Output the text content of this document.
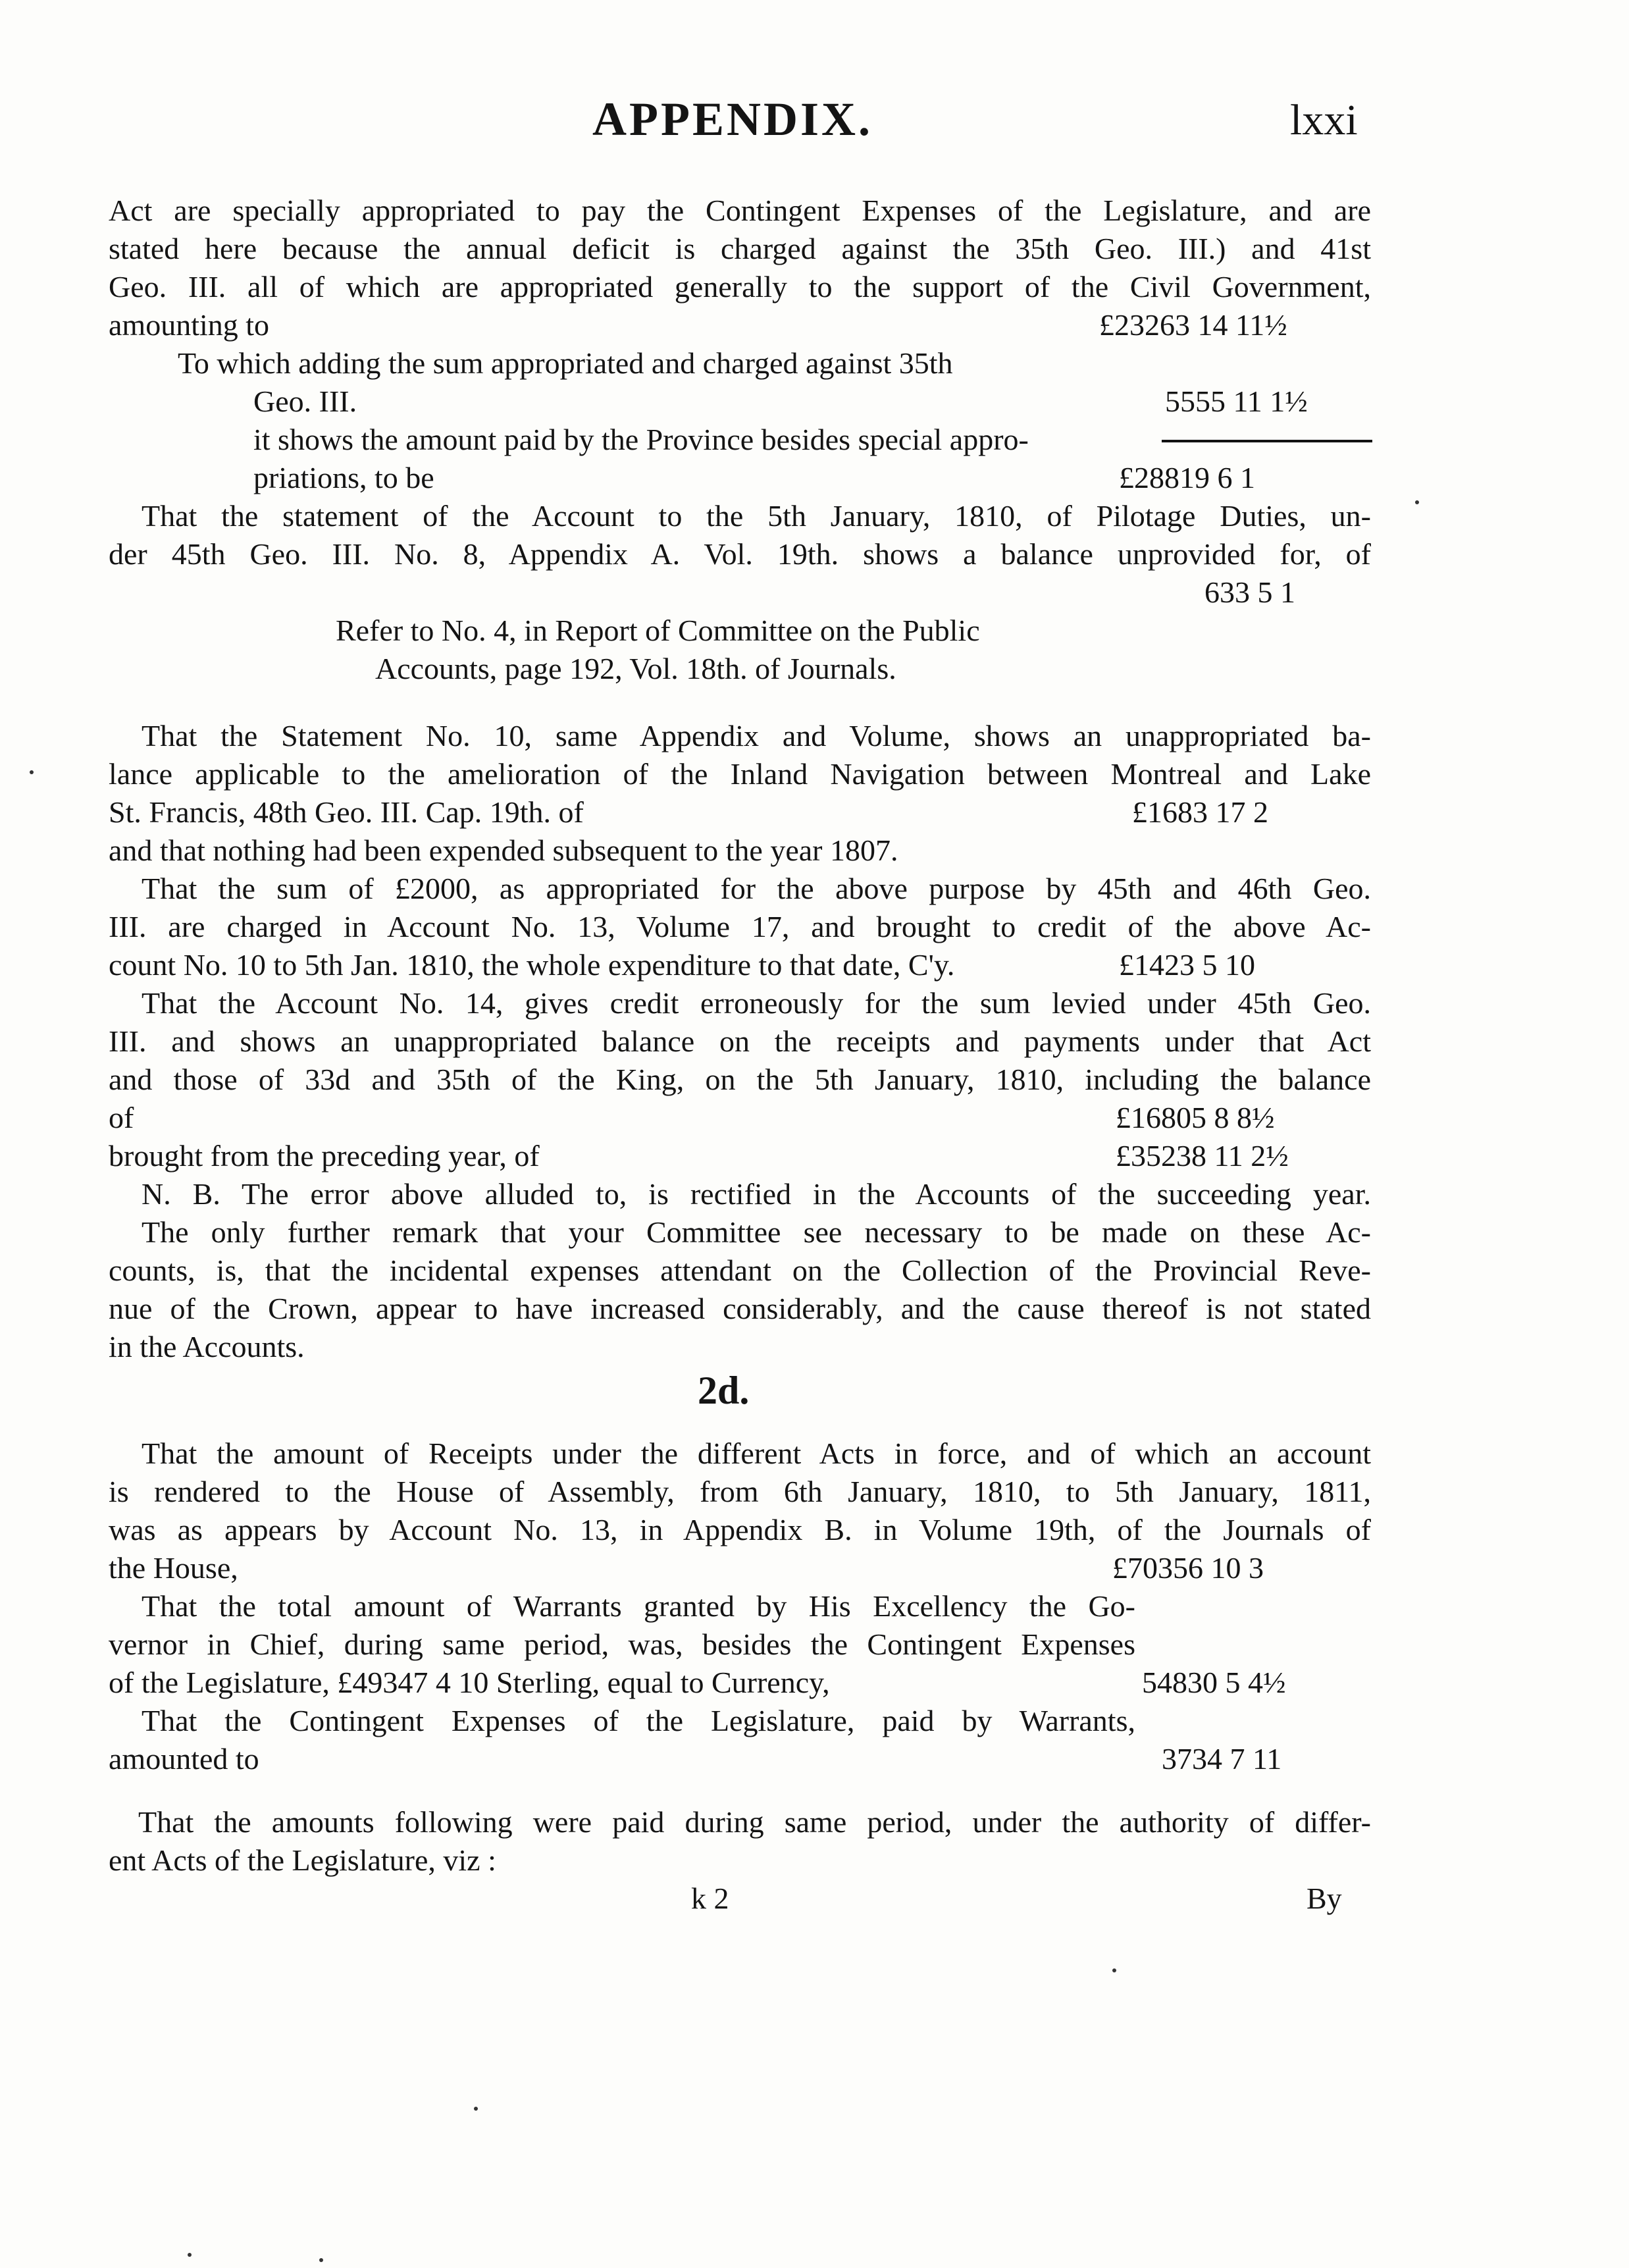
APPENDIX.	lxxi
Act are specially appropriated to pay the Contingent Expenses of the Legislature, and are
stated here because the annual deficit is charged against the 35th Geo. III.) and 41st
Geo. III. all of which are appropriated generally to the support of the Civil Government,
amounting to	£23263 14 11½
To which adding the sum appropriated and charged against 35th
Geo. III.	5555 11 1½
it shows the amount paid by the Province besides special appro-
priations, to be	£28819 6 1
That the statement of the Account to the 5th January, 1810, of Pilotage Duties, un-
der 45th Geo. III. No. 8, Appendix A. Vol. 19th. shows a balance unprovided for, of
633 5 1
Refer to No. 4, in Report of Committee on the Public
Accounts, page 192, Vol. 18th. of Journals.
That the Statement No. 10, same Appendix and Volume, shows an unappropriated ba-
lance applicable to the amelioration of the Inland Navigation between Montreal and Lake
St. Francis, 48th Geo. III. Cap. 19th. of	£1683 17 2
and that nothing had been expended subsequent to the year 1807.
That the sum of £2000, as appropriated for the above purpose by 45th and 46th Geo.
III. are charged in Account No. 13, Volume 17, and brought to credit of the above Ac-
count No. 10 to 5th Jan. 1810, the whole expenditure to that date, C'y.	£1423 5 10
That the Account No. 14, gives credit erroneously for the sum levied under 45th Geo.
III. and shows an unappropriated balance on the receipts and payments under that Act
and those of 33d and 35th of the King, on the 5th January, 1810, including the balance
of	£16805 8 8½
brought from the preceding year, of	£35238 11 2½
N. B. The error above alluded to, is rectified in the Accounts of the succeeding year.
The only further remark that your Committee see necessary to be made on these Ac-
counts, is, that the incidental expenses attendant on the Collection of the Provincial Reve-
nue of the Crown, appear to have increased considerably, and the cause thereof is not stated
in the Accounts.
2d.
That the amount of Receipts under the different Acts in force, and of which an account
is rendered to the House of Assembly, from 6th January, 1810, to 5th January, 1811,
was as appears by Account No. 13, in Appendix B. in Volume 19th, of the Journals of
the House,	£70356 10 3
That the total amount of Warrants granted by His Excellency the Go-
vernor in Chief, during same period, was, besides the Contingent Expenses
of the Legislature, £49347 4 10 Sterling, equal to Currency,	54830 5 4½
That the Contingent Expenses of the Legislature, paid by Warrants,
amounted to	3734 7 11
That the amounts following were paid during same period, under the authority of differ-
ent Acts of the Legislature, viz :
k 2	By
